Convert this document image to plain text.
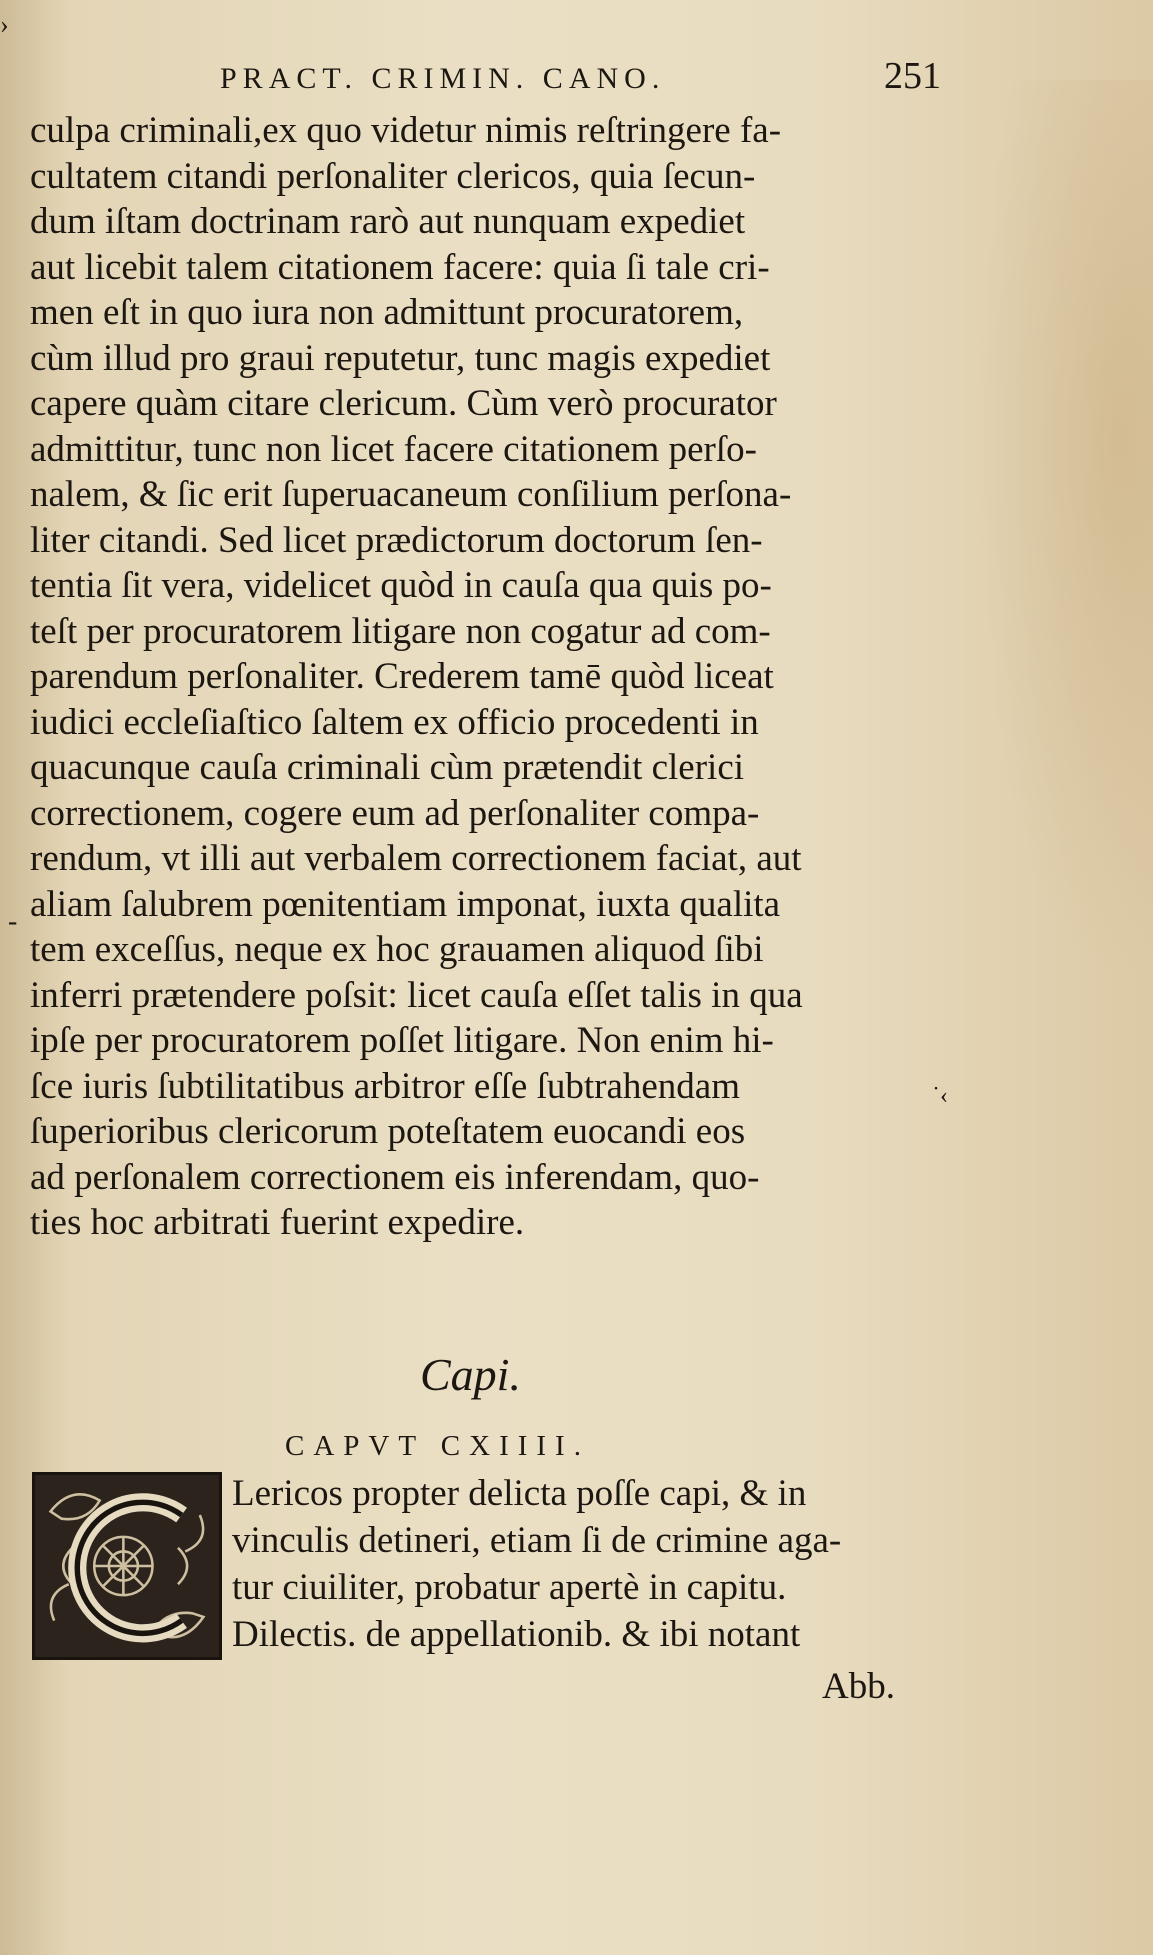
›
PRACT. CRIMIN. CANO.	251
culpa criminali,ex quo videtur nimis reſtringere fa-
cultatem citandi perſonaliter clericos, quia ſecun-
dum iſtam doctrinam rarò aut nunquam expediet
aut licebit talem citationem facere: quia ſi tale cri-
men eſt in quo iura non admittunt procuratorem,
cùm illud pro graui reputetur, tunc magis expediet
capere quàm citare clericum. Cùm verò procurator
admittitur, tunc non licet facere citationem perſo-
nalem, & ſic erit ſuperuacaneum conſilium perſona-
liter citandi. Sed licet prædictorum doctorum ſen-
tentia ſit vera, videlicet quòd in cauſa qua quis po-
teſt per procuratorem litigare non cogatur ad com-
parendum perſonaliter. Crederem tamē quòd liceat
iudici eccleſiaſtico ſaltem ex officio procedenti in
quacunque cauſa criminali cùm prætendit clerici
correctionem, cogere eum ad perſonaliter compa-
rendum, vt illi aut verbalem correctionem faciat, aut
aliam ſalubrem pœnitentiam imponat, iuxta qualita
tem exceſſus, neque ex hoc grauamen aliquod ſibi
inferri prætendere poſsit: licet cauſa eſſet talis in qua
ipſe per procuratorem poſſet litigare. Non enim hi-
ſce iuris ſubtilitatibus arbitror eſſe ſubtrahendam
ſuperioribus clericorum poteſtatem euocandi eos
ad perſonalem correctionem eis inferendam, quo-
ties hoc arbitrati fuerint expedire.
-
˙‹
Capi.
CAPVT CXIIII.
Lericos propter delicta poſſe capi, & in
vinculis detineri, etiam ſi de crimine aga-
tur ciuiliter, probatur apertè in capitu.
Dilectis. de appellationib. & ibi notant
Abb.
